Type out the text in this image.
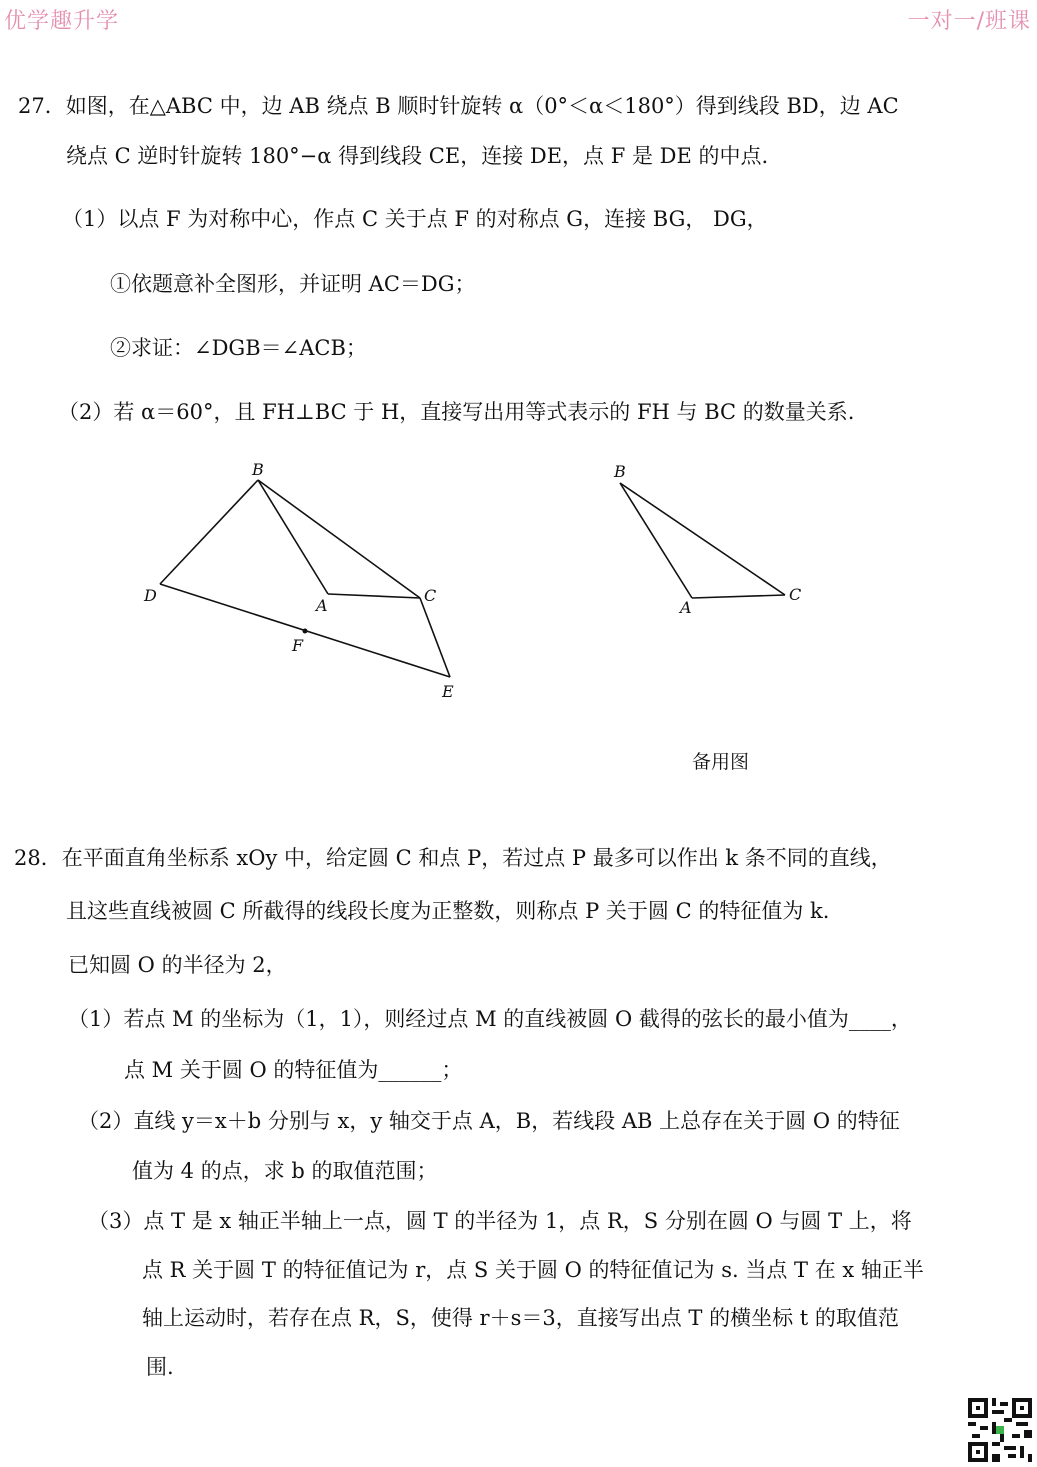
优学趣升学	一对一/班课
27．如图，在△ABC 中，边 AB 绕点 B 顺时针旋转 α（0°＜α＜180°）得到线段 BD，边 AC
绕点 C 逆时针旋转 180°−α 得到线段 CE，连接 DE，点 F 是 DE 的中点.
（1）以点 F 为对称中心，作点 C 关于点 F 的对称点 G，连接 BG， DG，
①依题意补全图形，并证明 AC＝DG；
②求证：∠DGB＝∠ACB；
（2）若 α＝60°，且 FH⊥BC 于 H，直接写出用等式表示的 FH 与 BC 的数量关系.
B
D
A
C
F
E
B
A
C
备用图
28．在平面直角坐标系 xOy 中，给定圆 C 和点 P，若过点 P 最多可以作出 k 条不同的直线，
且这些直线被圆 C 所截得的线段长度为正整数，则称点 P 关于圆 C 的特征值为 k.
已知圆 O 的半径为 2，
（1）若点 M 的坐标为（1，1），则经过点 M 的直线被圆 O 截得的弦长的最小值为____，
点 M 关于圆 O 的特征值为______；
（2）直线 y＝x＋b 分别与 x，y 轴交于点 A，B，若线段 AB 上总存在关于圆 O 的特征
值为 4 的点，求 b 的取值范围；
（3）点 T 是 x 轴正半轴上一点，圆 T 的半径为 1，点 R，S 分别在圆 O 与圆 T 上，将
点 R 关于圆 T 的特征值记为 r，点 S 关于圆 O 的特征值记为 s. 当点 T 在 x 轴正半
轴上运动时，若存在点 R，S，使得 r＋s＝3，直接写出点 T 的横坐标 t 的取值范
围.
